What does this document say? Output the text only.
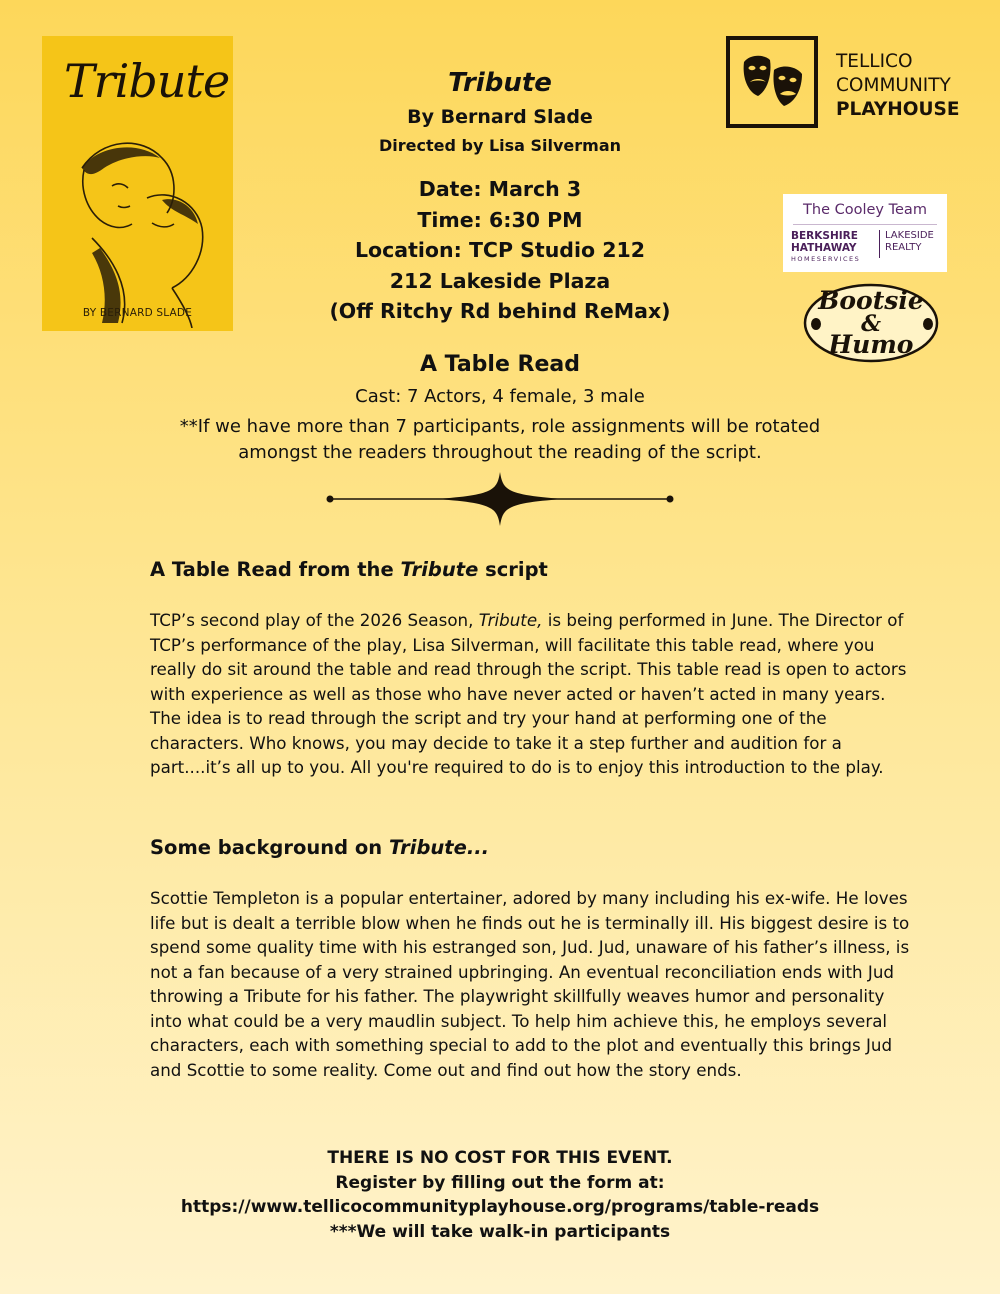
Tribute
BY BERNARD SLADE
Tribute
By Bernard Slade
Directed by Lisa Silverman
Date: March 3
Time: 6:30 PM
Location: TCP Studio 212
212 Lakeside Plaza
(Off Ritchy Rd behind ReMax)
TELLICO
COMMUNITY
PLAYHOUSE
The Cooley Team
BERKSHIRE
HATHAWAY
HOMESERVICES
LAKESIDE
REALTY
Bootsie
&
Humo
A Table Read
Cast: 7 Actors, 4 female, 3 male
**If we have more than 7 participants, role assignments will be rotated
amongst the readers throughout the reading of the script.
A Table Read from the Tribute script
TCP’s second play of the 2026 Season, Tribute, is being performed in June. The Director of TCP’s performance of the play, Lisa Silverman, will facilitate this table read, where you really do sit around the table and read through the script. This table read is open to actors with experience as well as those who have never acted or haven’t acted in many years. The idea is to read through the script and try your hand at performing one of the characters. Who knows, you may decide to take it a step further and audition for a part....it’s all up to you. All you're required to do is to enjoy this introduction to the play.
Some background on Tribute...
Scottie Templeton is a popular entertainer, adored by many including his ex-wife. He loves life but is dealt a terrible blow when he finds out he is terminally ill. His biggest desire is to spend some quality time with his estranged son, Jud. Jud, unaware of his father’s illness, is not a fan because of a very strained upbringing. An eventual reconciliation ends with Jud throwing a Tribute for his father. The playwright skillfully weaves humor and personality into what could be a very maudlin subject. To help him achieve this, he employs several characters, each with something special to add to the plot and eventually this brings Jud and Scottie to some reality. Come out and find out how the story ends.
THERE IS NO COST FOR THIS EVENT.
Register by filling out the form at:
https://www.tellicocommunityplayhouse.org/programs/table-reads
***We will take walk-in participants
